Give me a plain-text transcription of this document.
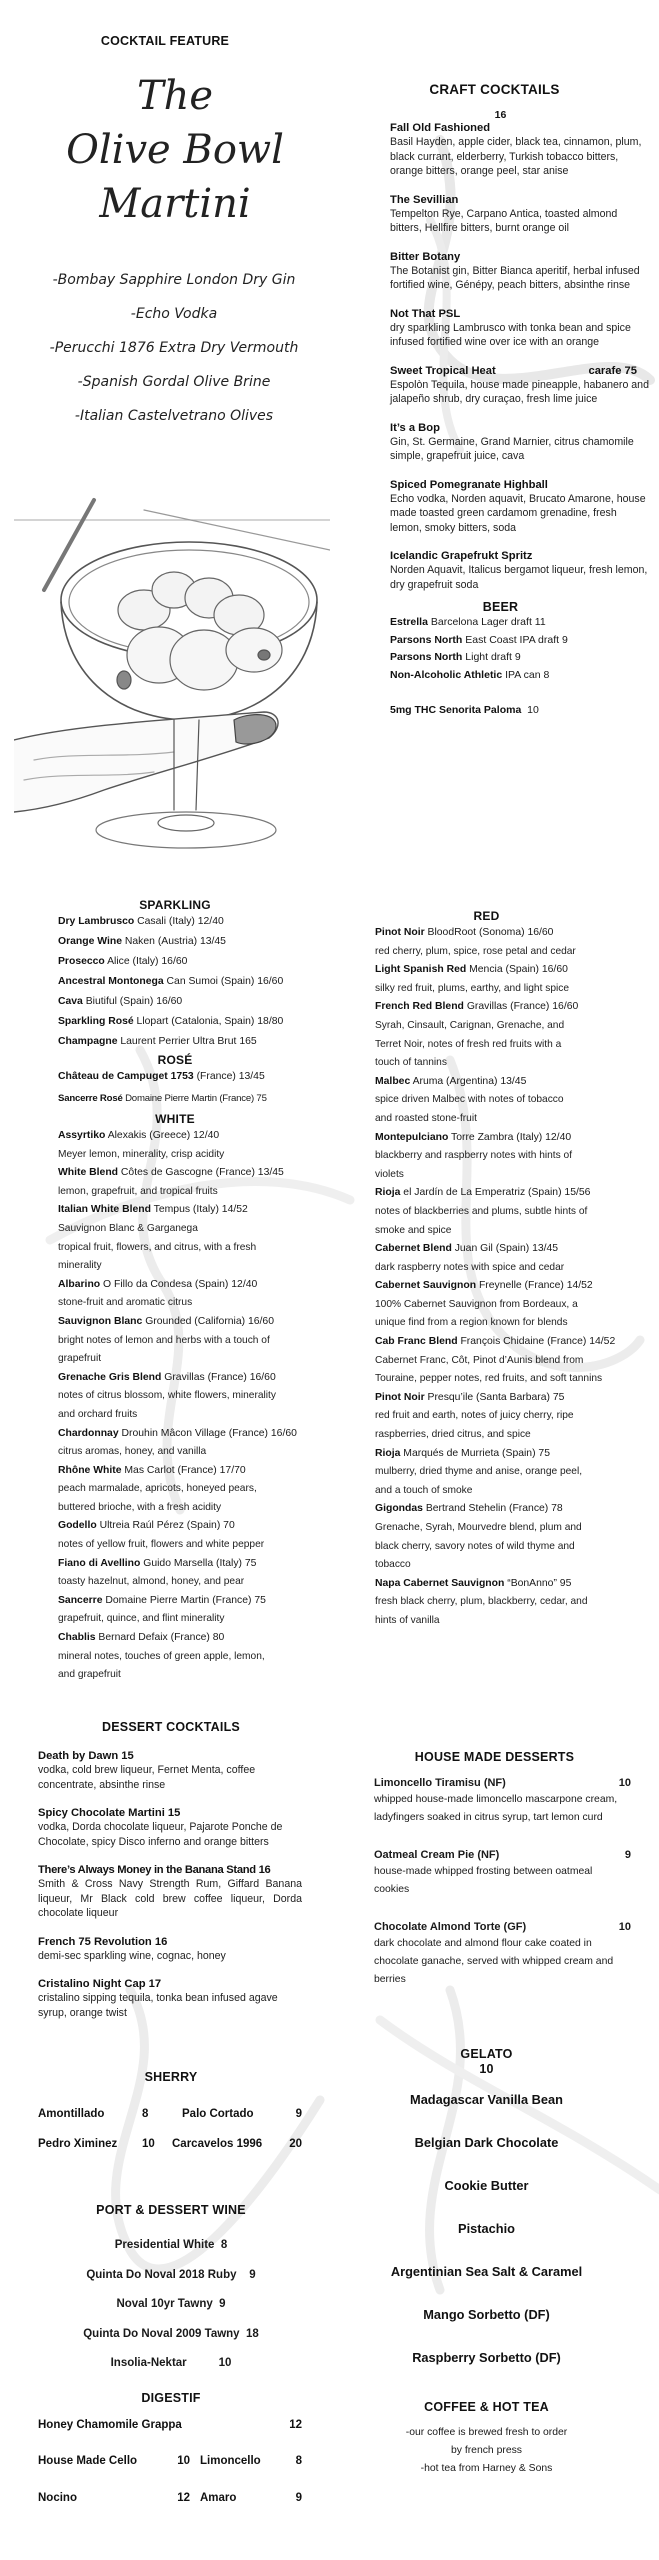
COCKTAIL FEATURE
The
Olive Bowl
Martini
-Bombay Sapphire London Dry Gin
-Echo Vodka
-Perucchi 1876 Extra Dry Vermouth
-Spanish Gordal Olive Brine
-Italian Castelvetrano Olives
CRAFT COCKTAILS
16
Fall Old Fashioned
Basil Hayden, apple cider, black tea, cinnamon, plum, black currant, elderberry, Turkish tobacco bitters, orange bitters, orange peel, star anise
The Sevillian
Tempelton Rye, Carpano Antica, toasted almond bitters, Hellfire bitters, burnt orange oil
Bitter Botany
The Botanist gin, Bitter Bianca aperitif, herbal infused fortified wine, Génépy, peach bitters, absinthe rinse
Not That PSL
dry sparkling Lambrusco with tonka bean and spice infused fortified wine over ice with an orange
Sweet Tropical Heat	carafe 75
Espolòn Tequila, house made pineapple, habanero and jalapeño shrub, dry curaçao, fresh lime juice
It’s a Bop
Gin, St. Germaine, Grand Marnier, citrus chamomile simple, grapefruit juice, cava
Spiced Pomegranate Highball
Echo vodka, Norden aquavit, Brucato Amarone, house made toasted green cardamom grenadine, fresh lemon, smoky bitters, soda
Icelandic Grapefrukt Spritz
Norden Aquavit, Italicus bergamot liqueur, fresh lemon, dry grapefruit soda
BEER
Estrella Barcelona Lager draft 11
Parsons North East Coast IPA draft 9
Parsons North Light draft 9
Non-Alcoholic Athletic IPA can 8
5mg THC Senorita Paloma 10
SPARKLING
Dry Lambrusco Casali (Italy) 12/40
Orange Wine Naken (Austria) 13/45
Prosecco Alice (Italy) 16/60
Ancestral Montonega Can Sumoi (Spain) 16/60
Cava Biutiful (Spain) 16/60
Sparkling Rosé Llopart (Catalonia, Spain) 18/80
Champagne Laurent Perrier Ultra Brut 165
ROSÉ
Château de Campuget 1753 (France) 13/45
Sancerre Rosé Domaine Pierre Martin (France) 75
WHITE
Assyrtiko Alexakis (Greece) 12/40
Meyer lemon, minerality, crisp acidity
White Blend Côtes de Gascogne (France) 13/45
lemon, grapefruit, and tropical fruits
Italian White Blend Tempus (Italy) 14/52
Sauvignon Blanc & Garganega
tropical fruit, flowers, and citrus, with a fresh
minerality
Albarino O Fillo da Condesa (Spain) 12/40
stone-fruit and aromatic citrus
Sauvignon Blanc Grounded (California) 16/60
bright notes of lemon and herbs with a touch of
grapefruit
Grenache Gris Blend Gravillas (France) 16/60
notes of citrus blossom, white flowers, minerality
and orchard fruits
Chardonnay Drouhin Mâcon Village (France) 16/60
citrus aromas, honey, and vanilla
Rhône White Mas Carlot (France) 17/70
peach marmalade, apricots, honeyed pears,
buttered brioche, with a fresh acidity
Godello Ultreia Raúl Pérez (Spain) 70
notes of yellow fruit, flowers and white pepper
Fiano di Avellino Guido Marsella (Italy) 75
toasty hazelnut, almond, honey, and pear
Sancerre Domaine Pierre Martin (France) 75
grapefruit, quince, and flint minerality
Chablis Bernard Defaix (France) 80
mineral notes, touches of green apple, lemon,
and grapefruit
RED
Pinot Noir BloodRoot (Sonoma) 16/60
red cherry, plum, spice, rose petal and cedar
Light Spanish Red Mencia (Spain) 16/60
silky red fruit, plums, earthy, and light spice
French Red Blend Gravillas (France) 16/60
Syrah, Cinsault, Carignan, Grenache, and
Terret Noir, notes of fresh red fruits with a
touch of tannins
Malbec Aruma (Argentina) 13/45
spice driven Malbec with notes of tobacco
and roasted stone-fruit
Montepulciano Torre Zambra (Italy) 12/40
blackberry and raspberry notes with hints of
violets
Rioja el Jardín de La Emperatriz (Spain) 15/56
notes of blackberries and plums, subtle hints of
smoke and spice
Cabernet Blend Juan Gil (Spain) 13/45
dark raspberry notes with spice and cedar
Cabernet Sauvignon Freynelle (France) 14/52
100% Cabernet Sauvignon from Bordeaux, a
unique find from a region known for blends
Cab Franc Blend François Chidaine (France) 14/52
Cabernet Franc, Côt, Pinot d’Aunis blend from
Touraine, pepper notes, red fruits, and soft tannins
Pinot Noir Presqu’ile (Santa Barbara) 75
red fruit and earth, notes of juicy cherry, ripe
raspberries, dried citrus, and spice
Rioja Marqués de Murrieta (Spain) 75
mulberry, dried thyme and anise, orange peel,
and a touch of smoke
Gigondas Bertrand Stehelin (France) 78
Grenache, Syrah, Mourvedre blend, plum and
black cherry, savory notes of wild thyme and
tobacco
Napa Cabernet Sauvignon “BonAnno” 95
fresh black cherry, plum, blackberry, cedar, and
hints of vanilla
DESSERT COCKTAILS
Death by Dawn 15
vodka, cold brew liqueur, Fernet Menta, coffee concentrate, absinthe rinse
Spicy Chocolate Martini 15
vodka, Dorda chocolate liqueur, Pajarote Ponche de Chocolate, spicy Disco inferno and orange bitters
There’s Always Money in the Banana Stand 16
Smith & Cross Navy Strength Rum, Giffard Banana liqueur, Mr Black cold brew coffee liqueur, Dorda chocolate liqueur
French 75 Revolution 16
demi-sec sparkling wine, cognac, honey
Cristalino Night Cap 17
cristalino sipping tequila, tonka bean infused agave syrup, orange twist
SHERRY
Amontillado	8	Palo Cortado	9
Pedro Ximinez	10	Carcavelos 1996	20
PORT & DESSERT WINE
Presidential White 8
Quinta Do Noval 2018 Ruby 9
Noval 10yr Tawny 9
Quinta Do Noval 2009 Tawny 18
Insolia-Nektar	10
DIGESTIF
Honey Chamomile Grappa	12
House Made Cello	10 Limoncello	8
Nocino	12 Amaro	9
HOUSE MADE DESSERTS
Limoncello Tiramisu (NF)	10
whipped house-made limoncello mascarpone cream, ladyfingers soaked in citrus syrup, tart lemon curd
Oatmeal Cream Pie (NF)	9
house-made whipped frosting between oatmeal cookies
Chocolate Almond Torte (GF)	10
dark chocolate and almond flour cake coated in chocolate ganache, served with whipped cream and berries
GELATO
10
Madagascar Vanilla Bean
Belgian Dark Chocolate
Cookie Butter
Pistachio
Argentinian Sea Salt & Caramel
Mango Sorbetto (DF)
Raspberry Sorbetto (DF)
COFFEE & HOT TEA
-our coffee is brewed fresh to order
by french press
-hot tea from Harney & Sons
